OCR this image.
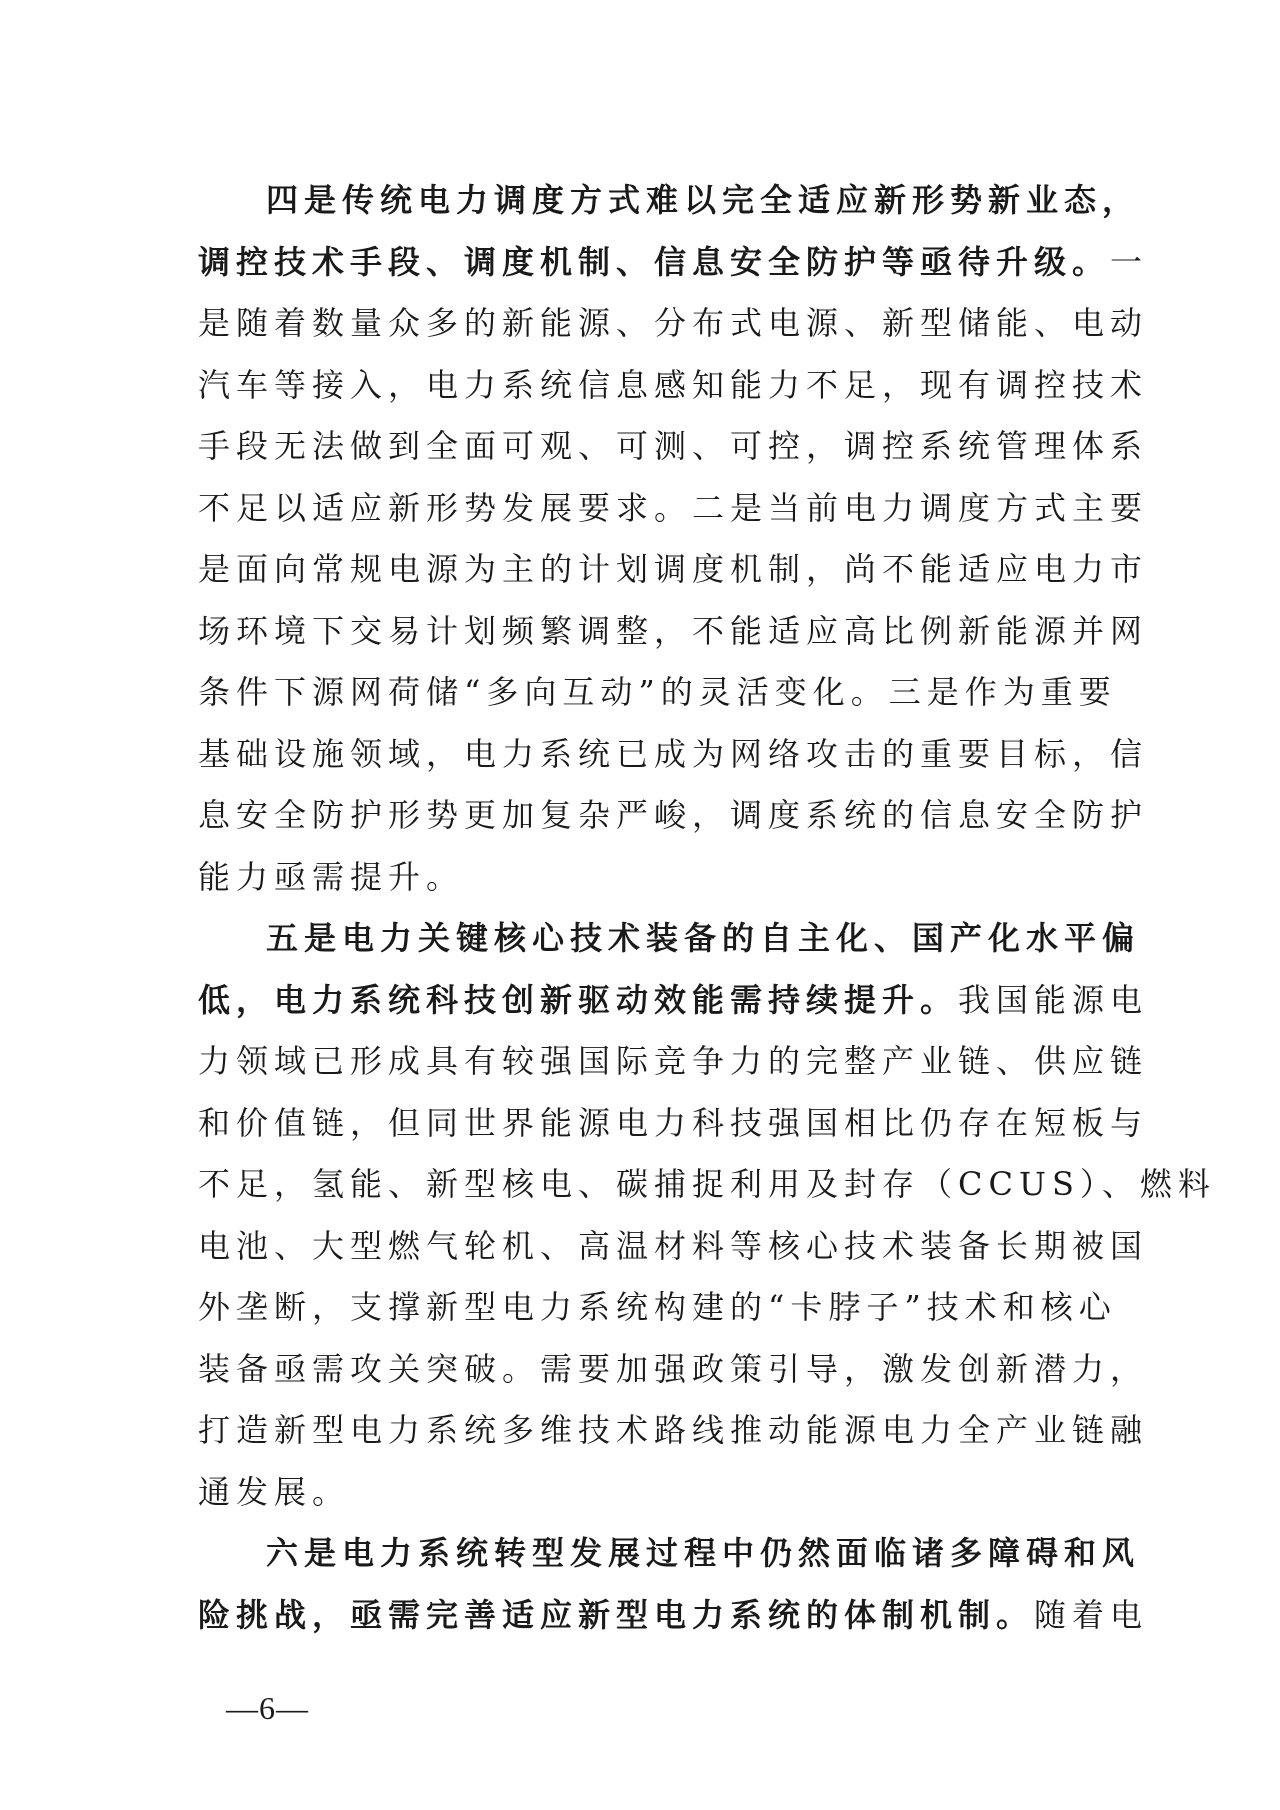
四是传统电力调度方式难以完全适应新形势新业态，
调控技术手段、调度机制、信息安全防护等亟待升级。一
是随着数量众多的新能源、分布式电源、新型储能、电动
汽车等接入，电力系统信息感知能力不足，现有调控技术
手段无法做到全面可观、可测、可控，调控系统管理体系
不足以适应新形势发展要求。二是当前电力调度方式主要
是面向常规电源为主的计划调度机制，尚不能适应电力市
场环境下交易计划频繁调整，不能适应高比例新能源并网
条件下源网荷储“多向互动”的灵活变化。三是作为重要
基础设施领域，电力系统已成为网络攻击的重要目标，信
息安全防护形势更加复杂严峻，调度系统的信息安全防护
能力亟需提升。
五是电力关键核心技术装备的自主化、国产化水平偏
低，电力系统科技创新驱动效能需持续提升。我国能源电
力领域已形成具有较强国际竞争力的完整产业链、供应链
和价值链，但同世界能源电力科技强国相比仍存在短板与
不足，氢能、新型核电、碳捕捉利用及封存（CCUS）、燃料
电池、大型燃气轮机、高温材料等核心技术装备长期被国
外垄断，支撑新型电力系统构建的“卡脖子”技术和核心
装备亟需攻关突破。需要加强政策引导，激发创新潜力，
打造新型电力系统多维技术路线推动能源电力全产业链融
通发展。
六是电力系统转型发展过程中仍然面临诸多障碍和风
险挑战，亟需完善适应新型电力系统的体制机制。随着电
—6—
